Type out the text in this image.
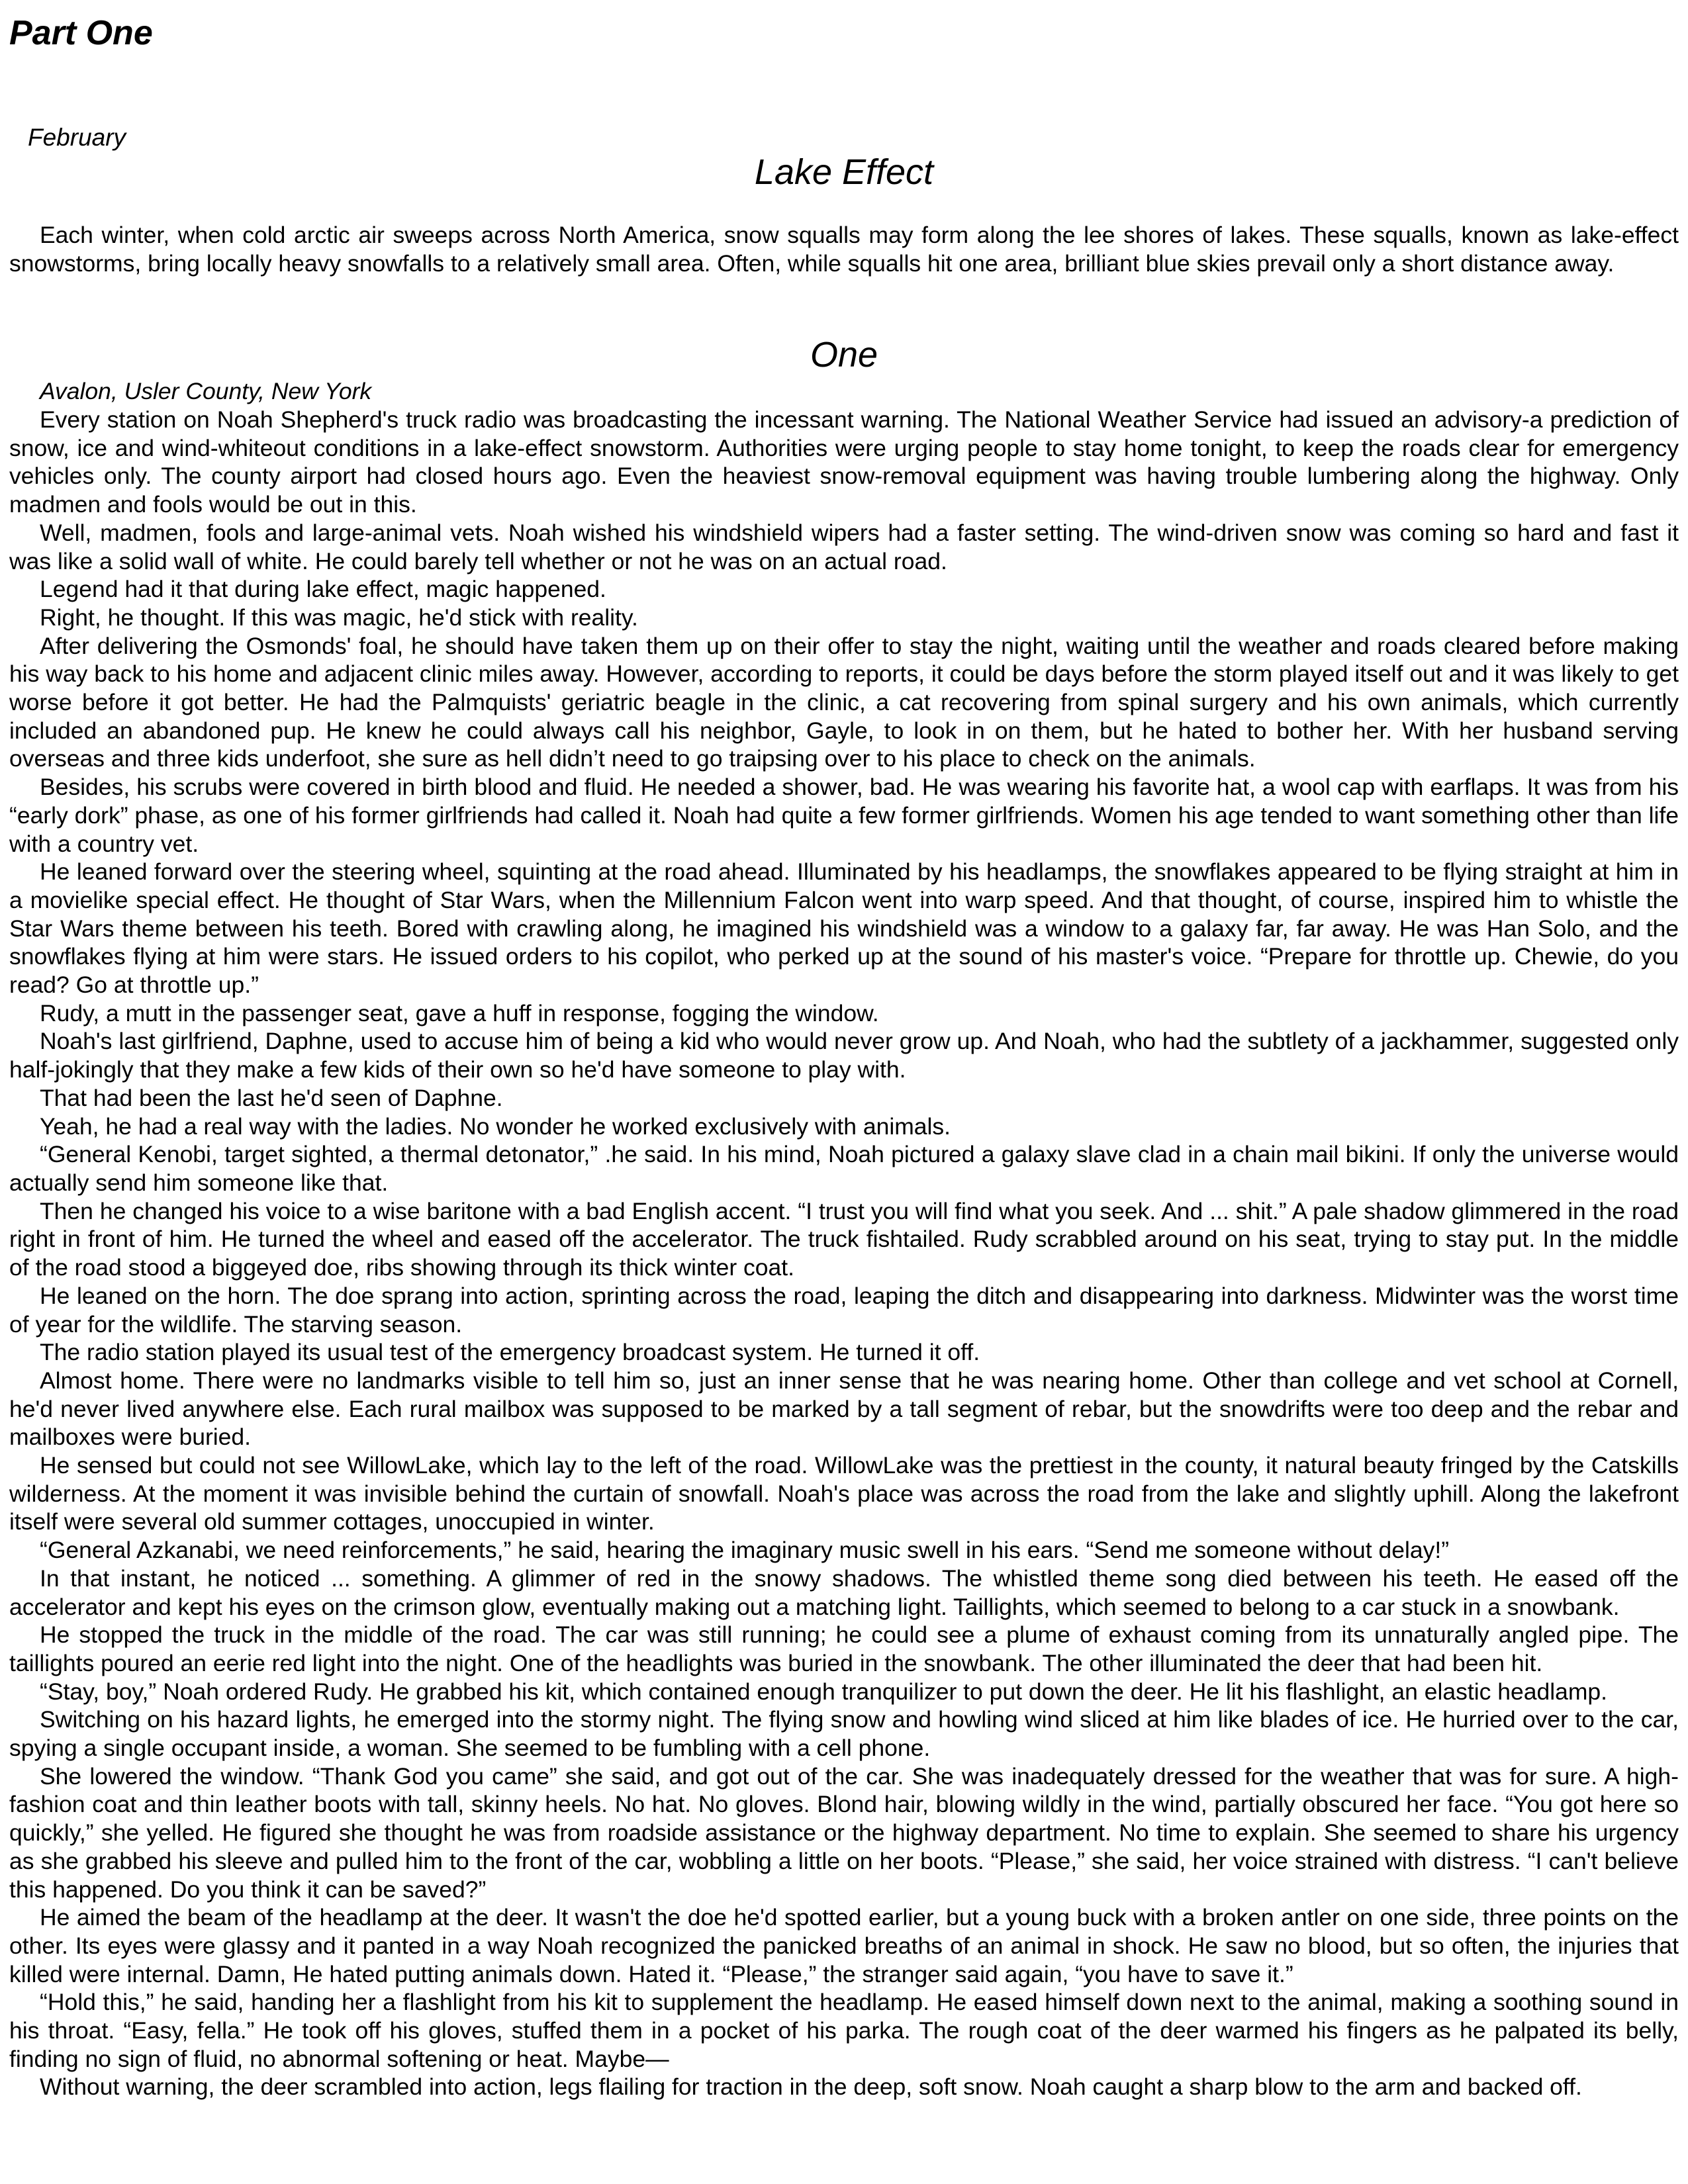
Part One
February
Lake Effect

Each winter, when cold arctic air sweeps across North America, snow squalls may form along the lee shores of lakes. These squalls, known as lake-effect snowstorms, bring locally heavy snowfalls to a relatively small area. Often, while squalls hit one area, brilliant blue skies prevail only a short distance away.

One
Avalon, Usler County, New York

Every station on Noah Shepherd's truck radio was broadcasting the incessant warning. The National Weather Service had issued an advisory-a prediction of snow, ice and wind-whiteout conditions in a lake-effect snowstorm. Authorities were urging people to stay home tonight, to keep the roads clear for emergency vehicles only. The county airport had closed hours ago. Even the heaviest snow-removal equipment was having trouble lumbering along the highway. Only madmen and fools would be out in this.

Well, madmen, fools and large-animal vets. Noah wished his windshield wipers had a faster setting. The wind-driven snow was coming so hard and fast it was like a solid wall of white. He could barely tell whether or not he was on an actual road.

Legend had it that during lake effect, magic happened.

Right, he thought. If this was magic, he'd stick with reality.

After delivering the Osmonds' foal, he should have taken them up on their offer to stay the night, waiting until the weather and roads cleared before making his way back to his home and adjacent clinic miles away. However, according to reports, it could be days before the storm played itself out and it was likely to get worse before it got better. He had the Palmquists' geriatric beagle in the clinic, a cat recovering from spinal surgery and his own animals, which currently included an abandoned pup. He knew he could always call his neighbor, Gayle, to look in on them, but he hated to bother her. With her husband serving overseas and three kids underfoot, she sure as hell didn’t need to go traipsing over to his place to check on the animals.

Besides, his scrubs were covered in birth blood and fluid. He needed a shower, bad. He was wearing his favorite hat, a wool cap with earflaps. It was from his “early dork” phase, as one of his former girlfriends had called it. Noah had quite a few former girlfriends. Women his age tended to want something other than life with a country vet.

He leaned forward over the steering wheel, squinting at the road ahead. Illuminated by his headlamps, the snowflakes appeared to be flying straight at him in a movielike special effect. He thought of Star Wars, when the Millennium Falcon went into warp speed. And that thought, of course, inspired him to whistle the Star Wars theme between his teeth. Bored with crawling along, he imagined his windshield was a window to a galaxy far, far away. He was Han Solo, and the snowflakes flying at him were stars. He issued orders to his copilot, who perked up at the sound of his master's voice. “Prepare for throttle up. Chewie, do you read? Go at throttle up.”

Rudy, a mutt in the passenger seat, gave a huff in response, fogging the window.

Noah's last girlfriend, Daphne, used to accuse him of being a kid who would never grow up. And Noah, who had the subtlety of a jackhammer, suggested only half-jokingly that they make a few kids of their own so he'd have someone to play with.

That had been the last he'd seen of Daphne.

Yeah, he had a real way with the ladies. No wonder he worked exclusively with animals.

“General Kenobi, target sighted, a thermal detonator,” .he said. In his mind, Noah pictured a galaxy slave clad in a chain mail bikini. If only the universe would actually send him someone like that.

Then he changed his voice to a wise baritone with a bad English accent. “I trust you will find what you seek. And ... shit.” A pale shadow glimmered in the road right in front of him. He turned the wheel and eased off the accelerator. The truck fishtailed. Rudy scrabbled around on his seat, trying to stay put. In the middle of the road stood a biggeyed doe, ribs showing through its thick winter coat.

He leaned on the horn. The doe sprang into action, sprinting across the road, leaping the ditch and disappearing into darkness. Midwinter was the worst time of year for the wildlife. The starving season.

The radio station played its usual test of the emergency broadcast system. He turned it off.

Almost home. There were no landmarks visible to tell him so, just an inner sense that he was nearing home. Other than college and vet school at Cornell, he'd never lived anywhere else. Each rural mailbox was supposed to be marked by a tall segment of rebar, but the snowdrifts were too deep and the rebar and mailboxes were buried.

He sensed but could not see WillowLake, which lay to the left of the road. WillowLake was the prettiest in the county, it natural beauty fringed by the Catskills wilderness. At the moment it was invisible behind the curtain of snowfall. Noah's place was across the road from the lake and slightly uphill. Along the lakefront itself were several old summer cottages, unoccupied in winter.

“General Azkanabi, we need reinforcements,” he said, hearing the imaginary music swell in his ears. “Send me someone without delay!”

In that instant, he noticed ... something. A glimmer of red in the snowy shadows. The whistled theme song died between his teeth. He eased off the accelerator and kept his eyes on the crimson glow, eventually making out a matching light. Taillights, which seemed to belong to a car stuck in a snowbank.

He stopped the truck in the middle of the road. The car was still running; he could see a plume of exhaust coming from its unnaturally angled pipe. The taillights poured an eerie red light into the night. One of the headlights was buried in the snowbank. The other illuminated the deer that had been hit.

“Stay, boy,” Noah ordered Rudy. He grabbed his kit, which contained enough tranquilizer to put down the deer. He lit his flashlight, an elastic headlamp.

Switching on his hazard lights, he emerged into the stormy night. The flying snow and howling wind sliced at him like blades of ice. He hurried over to the car, spying a single occupant inside, a woman. She seemed to be fumbling with a cell phone.

She lowered the window. “Thank God you came” she said, and got out of the car. She was inadequately dressed for the weather that was for sure. A high-fashion coat and thin leather boots with tall, skinny heels. No hat. No gloves. Blond hair, blowing wildly in the wind, partially obscured her face. “You got here so quickly,” she yelled. He figured she thought he was from roadside assistance or the highway department. No time to explain. She seemed to share his urgency as she grabbed his sleeve and pulled him to the front of the car, wobbling a little on her boots. “Please,” she said, her voice strained with distress. “I can't believe this happened. Do you think it can be saved?”

He aimed the beam of the headlamp at the deer. It wasn't the doe he'd spotted earlier, but a young buck with a broken antler on one side, three points on the other. Its eyes were glassy and it panted in a way Noah recognized the panicked breaths of an animal in shock. He saw no blood, but so often, the injuries that killed were internal. Damn, He hated putting animals down. Hated it. “Please,” the stranger said again, “you have to save it.”

“Hold this,” he said, handing her a flashlight from his kit to supplement the headlamp. He eased himself down next to the animal, making a soothing sound in his throat. “Easy, fella.” He took off his gloves, stuffed them in a pocket of his parka. The rough coat of the deer warmed his fingers as he palpated its belly, finding no sign of fluid, no abnormal softening or heat. Maybe—

Without warning, the deer scrambled into action, legs flailing for traction in the deep, soft snow. Noah caught a sharp blow to the arm and backed off.
